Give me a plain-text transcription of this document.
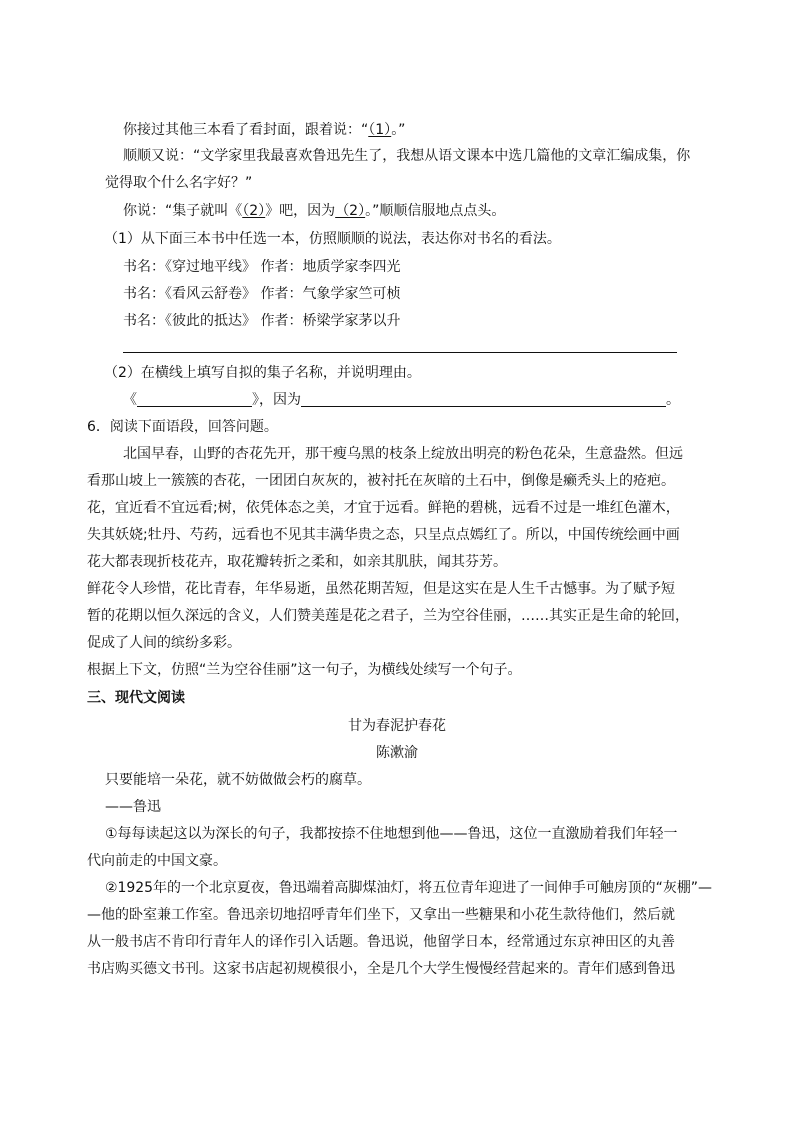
你接过其他三本看了看封面，跟着说：“（1）。”
顺顺又说：“文学家里我最喜欢鲁迅先生了，我想从语文课本中选几篇他的文章汇编成集，你
觉得取个什么名字好？”
你说：“集子就叫《（2）》吧，因为（2）。”顺顺信服地点点头。
（1）从下面三本书中任选一本，仿照顺顺的说法，表达你对书名的看法。
书名：《穿过地平线》 作者：地质学家李四光
书名：《看风云舒卷》 作者：气象学家竺可桢
书名：《彼此的抵达》 作者：桥梁学家茅以升
（2）在横线上填写自拟的集子名称，并说明理由。
《	》，因为	。
6．阅读下面语段，回答问题。
北国早春，山野的杏花先开，那干瘦乌黑的枝条上绽放出明亮的粉色花朵，生意盎然。但远
看那山坡上一簇簇的杏花，一团团白灰灰的，被衬托在灰暗的土石中，倒像是癞秃头上的疮疤。
花，宜近看不宜远看;树，依凭体态之美，才宜于远看。鲜艳的碧桃，远看不过是一堆红色灌木，
失其妖娆;牡丹、芍药，远看也不见其丰满华贵之态，只呈点点嫣红了。所以，中国传统绘画中画
花大都表现折枝花卉，取花瓣转折之柔和，如亲其肌肤，闻其芬芳。
鲜花令人珍惜，花比青春，年华易逝，虽然花期苦短，但是这实在是人生千古憾事。为了赋予短
暂的花期以恒久深远的含义，人们赞美莲是花之君子，兰为空谷佳丽，……其实正是生命的轮回，
促成了人间的缤纷多彩。
根据上下文，仿照“兰为空谷佳丽”这一句子，为横线处续写一个句子。
三、现代文阅读
甘为春泥护春花
陈漱渝
只要能培一朵花，就不妨做做会朽的腐草。
——鲁迅
①每每读起这以为深长的句子，我都按捺不住地想到他——鲁迅，这位一直激励着我们年轻一
代向前走的中国文豪。
②1925年的一个北京夏夜，鲁迅端着高脚煤油灯，将五位青年迎进了一间伸手可触房顶的“灰棚”—
—他的卧室兼工作室。鲁迅亲切地招呼青年们坐下，又拿出一些糖果和小花生款待他们，然后就
从一般书店不肯印行青年人的译作引入话题。鲁迅说，他留学日本，经常通过东京神田区的丸善
书店购买德文书刊。这家书店起初规模很小，全是几个大学生慢慢经营起来的。青年们感到鲁迅
